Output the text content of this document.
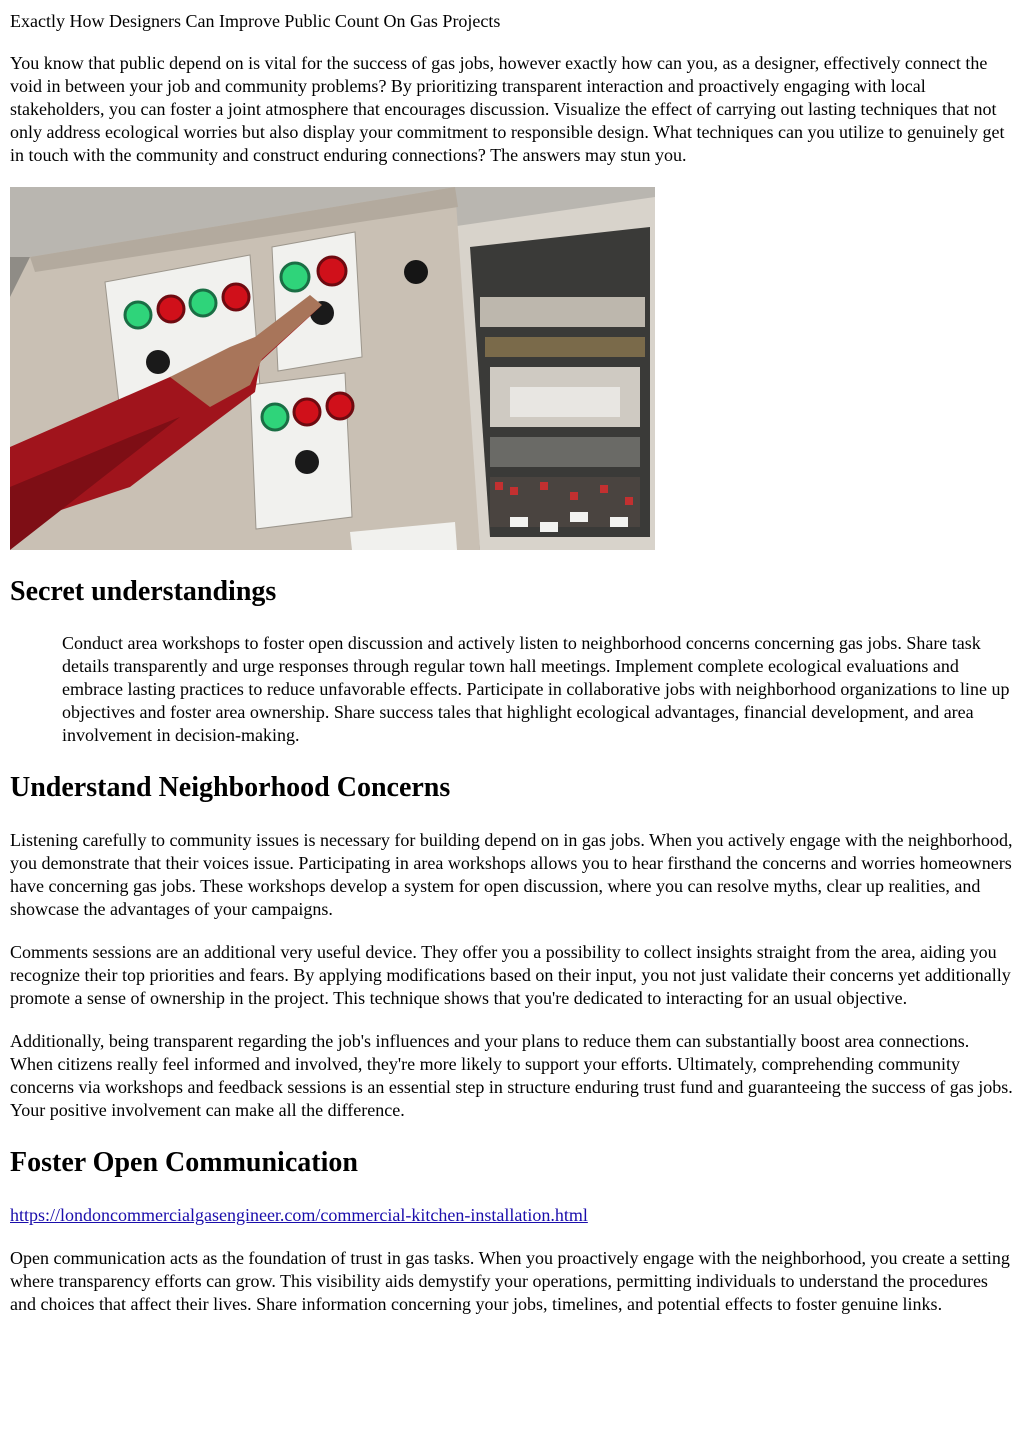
Exactly How Designers Can Improve Public Count On Gas Projects

You know that public depend on is vital for the success of gas jobs, however exactly how can you, as a designer, effectively connect the void in between your job and community problems? By prioritizing transparent interaction and proactively engaging with local stakeholders, you can foster a joint atmosphere that encourages discussion. Visualize the effect of carrying out lasting techniques that not only address ecological worries but also display your commitment to responsible design. What techniques can you utilize to genuinely get in touch with the community and construct enduring connections? The answers may stun you.

Secret understandings
Conduct area workshops to foster open discussion and actively listen to neighborhood concerns concerning gas jobs. Share task details transparently and urge responses through regular town hall meetings. Implement complete ecological evaluations and embrace lasting practices to reduce unfavorable effects. Participate in collaborative jobs with neighborhood organizations to line up objectives and foster area ownership. Share success tales that highlight ecological advantages, financial development, and area involvement in decision-making.
Understand Neighborhood Concerns

Listening carefully to community issues is necessary for building depend on in gas jobs. When you actively engage with the neighborhood, you demonstrate that their voices issue. Participating in area workshops allows you to hear firsthand the concerns and worries homeowners have concerning gas jobs. These workshops develop a system for open discussion, where you can resolve myths, clear up realities, and showcase the advantages of your campaigns.

Comments sessions are an additional very useful device. They offer you a possibility to collect insights straight from the area, aiding you recognize their top priorities and fears. By applying modifications based on their input, you not just validate their concerns yet additionally promote a sense of ownership in the project. This technique shows that you're dedicated to interacting for an usual objective.

Additionally, being transparent regarding the job's influences and your plans to reduce them can substantially boost area connections. When citizens really feel informed and involved, they're more likely to support your efforts. Ultimately, comprehending community concerns via workshops and feedback sessions is an essential step in structure enduring trust fund and guaranteeing the success of gas jobs. Your positive involvement can make all the difference.

Foster Open Communication

https://londoncommercialgasengineer.com/commercial-kitchen-installation.html

Open communication acts as the foundation of trust in gas tasks. When you proactively engage with the neighborhood, you create a setting where transparency efforts can grow. This visibility aids demystify your operations, permitting individuals to understand the procedures and choices that affect their lives. Share information concerning your jobs, timelines, and potential effects to foster genuine links.
